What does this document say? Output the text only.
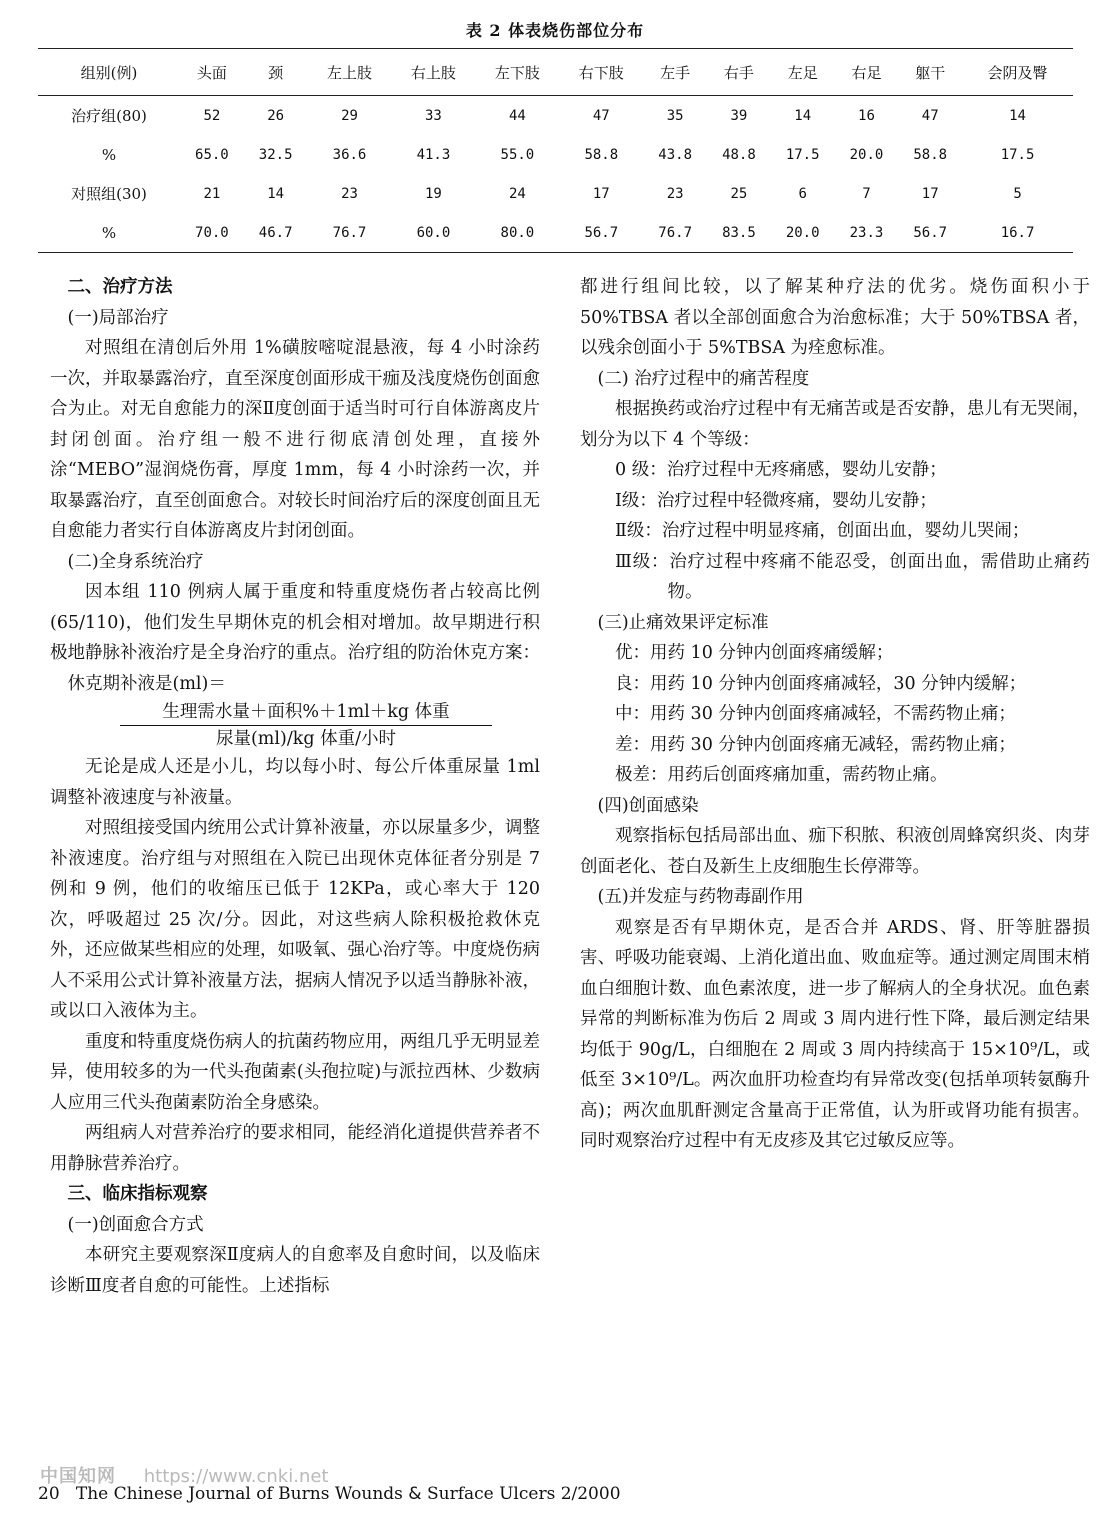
表 2 体表烧伤部位分布
组别(例)	头面	颈	左上肢	右上肢	左下肢	右下肢	左手	右手	左足	右足	躯干	会阴及臀
治疗组(80)	52	26	29	33	44	47	35	39	14	16	47	14
%	65.0	32.5	36.6	41.3	55.0	58.8	43.8	48.8	17.5	20.0	58.8	17.5
对照组(30)	21	14	23	19	24	17	23	25	6	7	17	5
%	70.0	46.7	76.7	60.0	80.0	56.7	76.7	83.5	20.0	23.3	56.7	16.7

二、治疗方法

(一)局部治疗

对照组在清创后外用 1%磺胺嘧啶混悬液，每 4 小时涂药一次，并取暴露治疗，直至深度创面形成干痂及浅度烧伤创面愈合为止。对无自愈能力的深Ⅱ度创面于适当时可行自体游离皮片封闭创面。治疗组一般不进行彻底清创处理，直接外涂“MEBO”湿润烧伤膏，厚度 1mm，每 4 小时涂药一次，并取暴露治疗，直至创面愈合。对较长时间治疗后的深度创面且无自愈能力者实行自体游离皮片封闭创面。

(二)全身系统治疗

因本组 110 例病人属于重度和特重度烧伤者占较高比例(65/110)，他们发生早期休克的机会相对增加。故早期进行积极地静脉补液治疗是全身治疗的重点。治疗组的防治休克方案：

休克期补液是(ml)＝

生理需水量＋面积%＋1ml＋kg 体重
尿量(ml)/kg 体重/小时

无论是成人还是小儿，均以每小时、每公斤体重尿量 1ml 调整补液速度与补液量。

对照组接受国内统用公式计算补液量，亦以尿量多少，调整补液速度。治疗组与对照组在入院已出现休克体征者分别是 7 例和 9 例，他们的收缩压已低于 12KPa，或心率大于 120 次，呼吸超过 25 次/分。因此，对这些病人除积极抢救休克外，还应做某些相应的处理，如吸氧、强心治疗等。中度烧伤病人不采用公式计算补液量方法，据病人情况予以适当静脉补液，或以口入液体为主。

重度和特重度烧伤病人的抗菌药物应用，两组几乎无明显差异，使用较多的为一代头孢菌素(头孢拉啶)与派拉西林、少数病人应用三代头孢菌素防治全身感染。

两组病人对营养治疗的要求相同，能经消化道提供营养者不用静脉营养治疗。

三、临床指标观察

(一)创面愈合方式

本研究主要观察深Ⅱ度病人的自愈率及自愈时间，以及临床诊断Ⅲ度者自愈的可能性。上述指标

都进行组间比较，以了解某种疗法的优劣。烧伤面积小于 50%TBSA 者以全部创面愈合为治愈标准；大于 50%TBSA 者，以残余创面小于 5%TBSA 为痊愈标准。

(二) 治疗过程中的痛苦程度

根据换药或治疗过程中有无痛苦或是否安静，患儿有无哭闹，划分为以下 4 个等级：

0 级：治疗过程中无疼痛感，婴幼儿安静；

Ⅰ级：治疗过程中轻微疼痛，婴幼儿安静；

Ⅱ级：治疗过程中明显疼痛，创面出血，婴幼儿哭闹；

Ⅲ级：治疗过程中疼痛不能忍受，创面出血，需借助止痛药物。

(三)止痛效果评定标准

优：用药 10 分钟内创面疼痛缓解；

良：用药 10 分钟内创面疼痛减轻，30 分钟内缓解；

中：用药 30 分钟内创面疼痛减轻，不需药物止痛；

差：用药 30 分钟内创面疼痛无减轻，需药物止痛；

极差：用药后创面疼痛加重，需药物止痛。

(四)创面感染

观察指标包括局部出血、痂下积脓、积液创周蜂窝织炎、肉芽创面老化、苍白及新生上皮细胞生长停滞等。

(五)并发症与药物毒副作用

观察是否有早期休克，是否合并 ARDS、肾、肝等脏器损害、呼吸功能衰竭、上消化道出血、败血症等。通过测定周围末梢血白细胞计数、血色素浓度，进一步了解病人的全身状况。血色素异常的判断标准为伤后 2 周或 3 周内进行性下降，最后测定结果均低于 90g/L，白细胞在 2 周或 3 周内持续高于 15×10⁹/L，或低至 3×10⁹/L。两次血肝功检查均有异常改变(包括单项转氨酶升高)；两次血肌酐测定含量高于正常值，认为肝或肾功能有损害。同时观察治疗过程中有无皮疹及其它过敏反应等。

中国知网 https://www.cnki.net
20 The Chinese Journal of Burns Wounds & Surface Ulcers 2/2000
